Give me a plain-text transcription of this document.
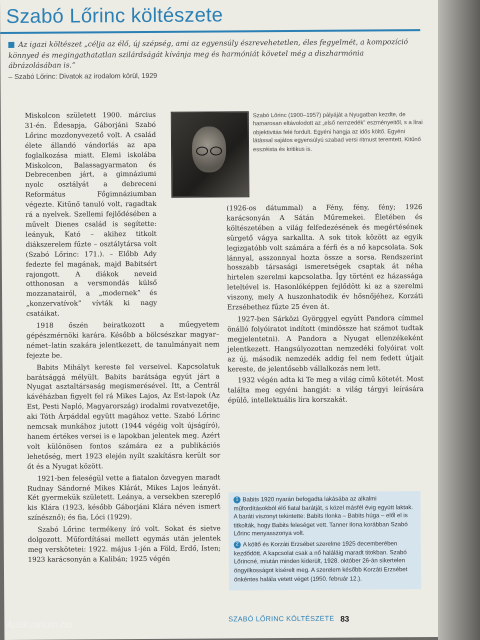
Szabó Lőrinc költészete
Az igazi költészet „célja az élő, új szépség, ami az egyensúly észrevehetetlen, éles fegyelmét, a kompozíció könnyed és megingathatatlan szilárdságát kívánja meg és harmóniát követel még a diszharmónia ábrázolásában is.”
– Szabó Lőrinc: Divatok az irodalom körül, 1929

Miskolcon született 1900. március 31-én. Édesapja, Gáborjáni Szabó Lőrinc mozdonyvezető volt. A család élete állandó vándorlás az apa foglalkozása miatt. Elemi iskolába Miskolcon, Balassagyarmaton és Debrecenben járt, a gimnáziumi nyolc osztályát a debreceni Református Főgimnáziumban végezte. Kitűnő tanuló volt, ragadtak rá a nyelvek. Szellemi fejlődésében a művelt Dienes család is segítette: leányuk, Kató – akihez titkolt diákszerelem fűzte – osztálytársa volt (Szabó Lőrinc: 171.). – Előbb Ady fedezte fel magának, majd Babitsért rajongott. A diákok neveid otthonosan a versmondás külső mozzanatairól, a „modernek” és „konzervatívok” vívták ki nagy csatáikat.

1918 őszén beiratkozott a műegyetem gépészmérnöki karára. Később a bölcsészkar magyar–német–latin szakára jelentkezett, de tanulmányait nem fejezte be.

Babits Mihályt kereste fel verseivel. Kapcsolatuk barátsággá mélyült. Babits barátsága egyút járt a Nyugat asztaltársaság megismerésével. Itt, a Centrál kávéházban figyelt fel rá Mikes Lajos, Az Est-lapok (Az Est, Pesti Napló, Magyarország) irodalmi rovatvezetője, aki Tóth Árpáddal együtt magához vette. Szabó Lőrinc nemcsak munkához jutott (1944 végéig volt újságíró), hanem értékes versei is e lapokban jelentek meg. Azért volt különösen fontos számára ez a publikációs lehetőség, mert 1923 elején nyílt szakításra került sor őt és a Nyugat között.

1921-ben feleségül vette a fiatalon özvegyen maradt Rudnay Sándorné Mikes Klárát, Mikes Lajos leányát. Két gyermekük született. Leánya, a versekben szereplő kis Klára (1923, később Gáborjáni Klára néven ismert színésznő); és fia, Lóci (1929).

Szabó Lőrinc termékeny író volt. Sokat és sietve dolgozott. Műfordításai mellett egymás után jelentek meg verskötetei: 1922. május 1-jén a Föld, Erdő, Isten; 1923 karácsonyán a Kalibán; 1925 végén

Szabó Lőrinc (1900–1957) pályáját a Nyugatban kezdte, de hamarosan eltávolodott az „első nemzedék” eszményeitől, s a lírai objektivitás felé fordult. Egyéni hangja az idős költő. Egyéni látással sajátos egyensúlyú szabad versi ritmust teremtett. Kitűnő esszéista és kritikus is.

(1926-os dátummal) a Fény, fény, fény; 1926 karácsonyán A Sátán Műremekei. Életében és költészetében a világ felfedezésének és megértésének sürgető vágya sarkallta. A sok titok között az egyik legizgatóbb volt számára a férfi és a nő kapcsolata. Sok lánnyal, asszonnyal hozta össze a sorsa. Rendszerint hosszabb társasági ismeretségek csaptak át néha hirtelen szerelmi kapcsolatba. Így történt ez házassága leteltével is. Hasonlóképpen fejlődött ki az a szerelmi viszony, mely A huszonhatodik év hősnőjéhez, Korzáti Erzsébethez fűzte 25 éven át.

1927-ben Sárközi Györggyel együtt Pandora címmel önálló folyóiratot indított (mindössze hat számot tudtak megjelentetni). A Pandora a Nyugat ellenzékeként jelentkezett. Hangsúlyozottan nemzedéki folyóirat volt az új, második nemzedék addig fel nem fedett útjait kereste, de jelentősebb vállalkozás nem lett.

1932 végén adta ki Te meg a világ című kötetét. Most találta meg egyéni hangját: a világ tárgyi leírására épülő, intellektuális líra korszakát.

1 Babits 1920 nyarán befogadta lakásába az alkalmi műfordításokból élő fiatal barátját, s közel másfél évig együtt laktak. A baráti viszonyt tekintette: Babits Ilonka – Babits húga – elől el is titkolták, hogy Babits feleséget vett. Tanner Ilona korábban Szabó Lőrinc menyasszonya volt.

2 A költő és Korzáti Erzsébet szerelme 1925 decemberében kezdődött. A kapcsolat csak a nő haláláig maradt titokban. Szabó Lőrincné, miután minden kiderült, 1928. október 26-án sikertelen öngyilkosságot kísérelt meg. A szerelem később Korzáti Erzsébet önkéntes halála vetett véget (1950. február 12.).

SZABÓ LŐRINC KÖLTÉSZETE 83
Antikvarium.hu
